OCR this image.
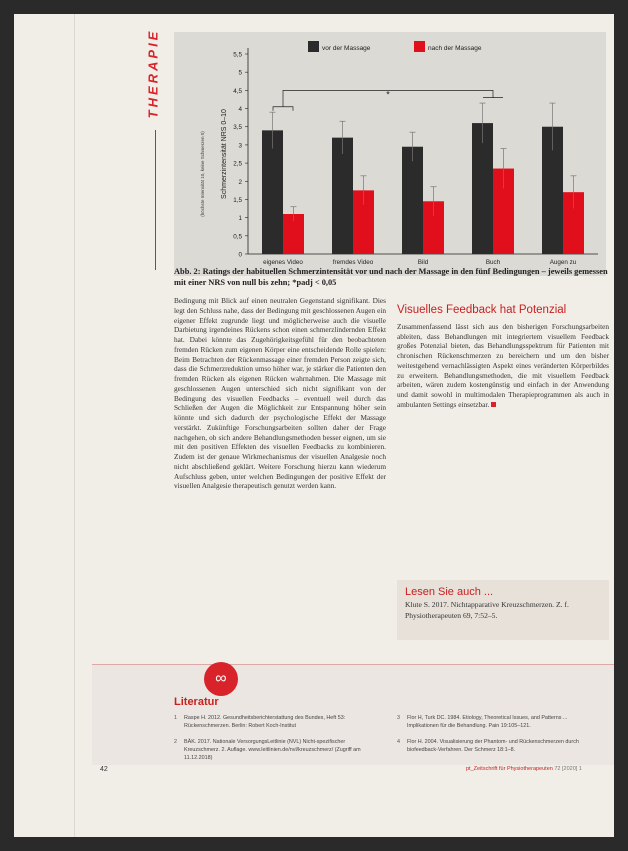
THERAPIE
0
0,5
1
1,5
2
2,5
3
3,5
4
4,5
5
5,5
Schmerzintensität NRS 0–10
(höchste Intensität 10, keine Schmerzen 0)
eigenes Video	fremdes Video	Bild	Buch	Augen zu
vor der Massage	nach der Massage
*
Abb. 2: Ratings der habituellen Schmerzintensität vor und nach der Massage in den fünf Bedingungen – jeweils gemessen mit einer NRS von null bis zehn; *padj < 0,05
Bedingung mit Blick auf einen neutralen Gegenstand signifikant. Dies legt den Schluss nahe, dass der Bedingung mit geschlossenen Augen ein eigener Effekt zugrunde liegt und möglicherweise auch die visuelle Darbietung irgendeines Rückens schon einen schmerzlindernden Effekt hat. Dabei könnte das Zugehörigkeitsgefühl für den beobachteten fremden Rücken zum eigenen Körper eine entscheidende Rolle spielen: Beim Betrachten der Rückenmassage einer fremden Person zeigte sich, dass die Schmerzreduktion umso höher war, je stärker die Patienten den fremden Rücken als eigenen Rücken wahrnahmen. Die Massage mit geschlossenen Augen unterschied sich nicht signifikant von der Bedingung des visuellen Feedbacks – eventuell weil durch das Schließen der Augen die Möglichkeit zur Entspannung höher sein könnte und sich dadurch der psychologische Effekt der Massage verstärkt. Zukünftige Forschungsarbeiten sollten daher der Frage nachgehen, ob sich andere Behandlungsmethoden besser eignen, um sie mit den positiven Effekten des visuellen Feedbacks zu kombinieren. Zudem ist der genaue Wirkmechanismus der visuellen Analgesie noch nicht abschließend geklärt. Weitere Forschung hierzu kann wiederum Aufschluss geben, unter welchen Bedingungen der positive Effekt der visuellen Analgesie therapeutisch genutzt werden kann.
Visuelles Feedback hat Potenzial
Zusammenfassend lässt sich aus den bisherigen Forschungsarbeiten ableiten, dass Behandlungen mit integriertem visuellem Feedback großes Potenzial bieten, das Behandlungsspektrum für Patienten mit chronischen Rückenschmerzen zu bereichern und um den bisher weitestgehend vernachlässigten Aspekt eines veränderten Körperbildes zu erweitern. Behandlungsmethoden, die mit visuellem Feedback arbeiten, wären zudem kostengünstig und einfach in der Anwendung und damit sowohl in multimodalen Therapieprogrammen als auch in ambulanten Settings einsetzbar.
Lesen Sie auch ...

Klute S. 2017. Nichtapparative Kreuzschmerzen. Z. f. Physiotherapeuten 69, 7:52–5.

∞
Literatur
1 Raspe H. 2012. Gesundheitsberichterstattung des Bundes, Heft 53: Rückenschmerzen. Berlin: Robert Koch-Institut
2 BÄK. 2017. Nationale VersorgungsLeitlinie (NVL) Nicht-spezifischer Kreuzschmerz. 2. Auflage. www.leitlinien.de/nvl/kreuzschmerz/ (Zugriff am 11.12.2018)
3 Flor H, Turk DC. 1984. Etiology, Theoretical Issues, and Patterns ... Implikationen für die Behandlung. Pain 19:105–121.
4 Flor H. 2004. Visualisierung der Phantom- und Rückenschmerzen durch biofeedback-Verfahren. Der Schmerz 18:1–8.
42	pt_Zeitschrift für Physiotherapeuten 72 [2020] 1
